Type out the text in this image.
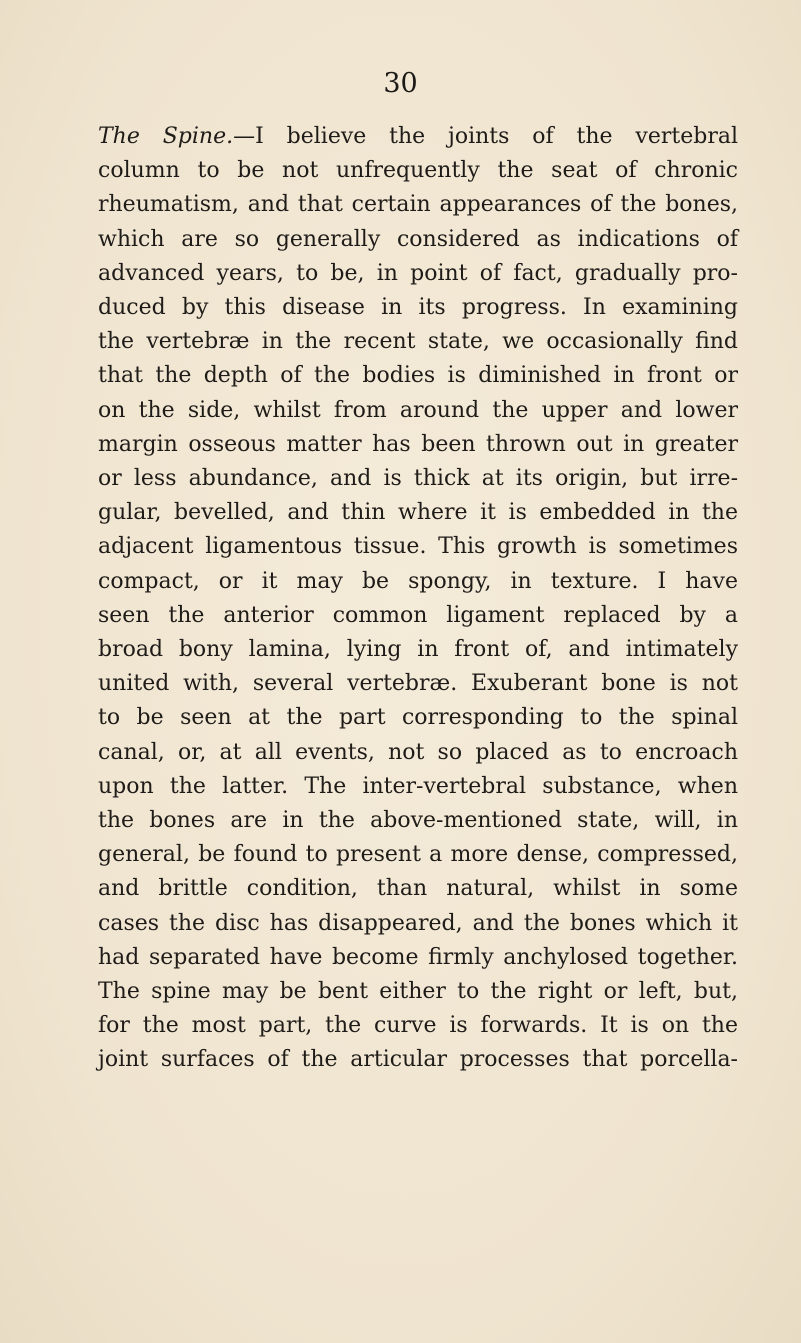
30
The Spine.—I believe the joints of the vertebral
column to be not unfrequently the seat of chronic
rheumatism, and that certain appearances of the bones,
which are so generally considered as indications of
advanced years, to be, in point of fact, gradually pro-
duced by this disease in its progress. In examining
the vertebræ in the recent state, we occasionally find
that the depth of the bodies is diminished in front or
on the side, whilst from around the upper and lower
margin osseous matter has been thrown out in greater
or less abundance, and is thick at its origin, but irre-
gular, bevelled, and thin where it is embedded in the
adjacent ligamentous tissue. This growth is sometimes
compact, or it may be spongy, in texture. I have
seen the anterior common ligament replaced by a
broad bony lamina, lying in front of, and intimately
united with, several vertebræ. Exuberant bone is not
to be seen at the part corresponding to the spinal
canal, or, at all events, not so placed as to encroach
upon the latter. The inter-vertebral substance, when
the bones are in the above-mentioned state, will, in
general, be found to present a more dense, compressed,
and brittle condition, than natural, whilst in some
cases the disc has disappeared, and the bones which it
had separated have become firmly anchylosed together.
The spine may be bent either to the right or left, but,
for the most part, the curve is forwards. It is on the
joint surfaces of the articular processes that porcella-
